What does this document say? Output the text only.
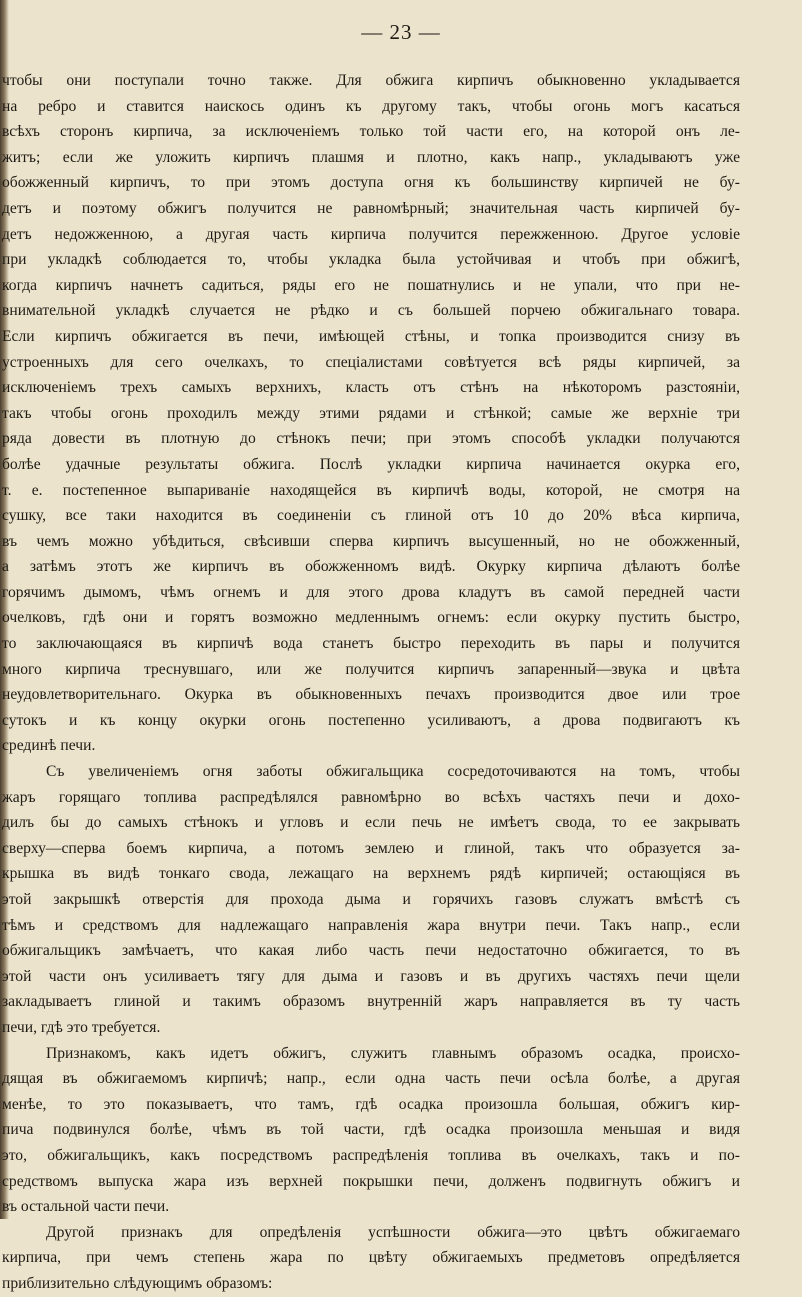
— 23 —
чтобы они поступали точно также. Для обжига кирпичъ обыкновенно укладывается
на ребро и ставится наискось одинъ къ другому такъ, чтобы огонь могъ касаться
всѣхъ сторонъ кирпича, за исключеніемъ только той части его, на которой онъ ле-
житъ; если же уложить кирпичъ плашмя и плотно, какъ напр., укладываютъ уже
обожженный кирпичъ, то при этомъ доступа огня къ большинству кирпичей не бу-
детъ и поэтому обжигъ получится не равномѣрный; значительная часть кирпичей бу-
детъ недожженною, а другая часть кирпича получится пережженною. Другое условіе
при укладкѣ соблюдается то, чтобы укладка была устойчивая и чтобъ при обжигѣ,
когда кирпичъ начнетъ садиться, ряды его не пошатнулись и не упали, что при не-
внимательной укладкѣ случается не рѣдко и съ большей порчею обжигальнаго товара.
Если кирпичъ обжигается въ печи, имѣющей стѣны, и топка производится снизу въ
устроенныхъ для сего очелкахъ, то спеціалистами совѣтуется всѣ ряды кирпичей, за
исключеніемъ трехъ самыхъ верхнихъ, класть отъ стѣнъ на нѣкоторомъ разстояніи,
такъ чтобы огонь проходилъ между этими рядами и стѣнкой; самые же верхніе три
ряда довести въ плотную до стѣнокъ печи; при этомъ способѣ укладки получаются
болѣе удачные результаты обжига. Послѣ укладки кирпича начинается окурка его,
т. е. постепенное выпариваніе находящейся въ кирпичѣ воды, которой, не смотря на
сушку, все таки находится въ соединеніи съ глиной отъ 10 до 20% вѣса кирпича,
въ чемъ можно убѣдиться, свѣсивши сперва кирпичъ высушенный, но не обожженный,
а затѣмъ этотъ же кирпичъ въ обожженномъ видѣ. Окурку кирпича дѣлаютъ болѣе
горячимъ дымомъ, чѣмъ огнемъ и для этого дрова кладутъ въ самой передней части
очелковъ, гдѣ они и горятъ возможно медленнымъ огнемъ: если окурку пустить быстро,
то заключающаяся въ кирпичѣ вода станетъ быстро переходить въ пары и получится
много кирпича треснувшаго, или же получится кирпичъ запаренный—звука и цвѣта
неудовлетворительнаго. Окурка въ обыкновенныхъ печахъ производится двое или трое
сутокъ и къ концу окурки огонь постепенно усиливаютъ, а дрова подвигаютъ къ
срединѣ печи.
Съ увеличеніемъ огня заботы обжигальщика сосредоточиваются на томъ, чтобы
жаръ горящаго топлива распредѣлялся равномѣрно во всѣхъ частяхъ печи и дохо-
дилъ бы до самыхъ стѣнокъ и угловъ и если печь не имѣетъ свода, то ее закрывать
сверху—сперва боемъ кирпича, а потомъ землею и глиной, такъ что образуется за-
крышка въ видѣ тонкаго свода, лежащаго на верхнемъ рядѣ кирпичей; остающіяся въ
этой закрышкѣ отверстія для прохода дыма и горячихъ газовъ служатъ вмѣстѣ съ
тѣмъ и средствомъ для надлежащаго направленія жара внутри печи. Такъ напр., если
обжигальщикъ замѣчаетъ, что какая либо часть печи недостаточно обжигается, то въ
этой части онъ усиливаетъ тягу для дыма и газовъ и въ другихъ частяхъ печи щели
закладываетъ глиной и такимъ образомъ внутренній жаръ направляется въ ту часть
печи, гдѣ это требуется.
Признакомъ, какъ идетъ обжигъ, служитъ главнымъ образомъ осадка, происхо-
дящая въ обжигаемомъ кирпичѣ; напр., если одна часть печи осѣла болѣе, а другая
менѣе, то это показываетъ, что тамъ, гдѣ осадка произошла большая, обжигъ кир-
пича подвинулся болѣе, чѣмъ въ той части, гдѣ осадка произошла меньшая и видя
это, обжигальщикъ, какъ посредствомъ распредѣленія топлива въ очелкахъ, такъ и по-
средствомъ выпуска жара изъ верхней покрышки печи, долженъ подвигнуть обжигъ и
въ остальной части печи.
Другой признакъ для опредѣленія успѣшности обжига—это цвѣтъ обжигаемаго
кирпича, при чемъ степень жара по цвѣту обжигаемыхъ предметовъ опредѣляется
приблизительно слѣдующимъ образомъ:
